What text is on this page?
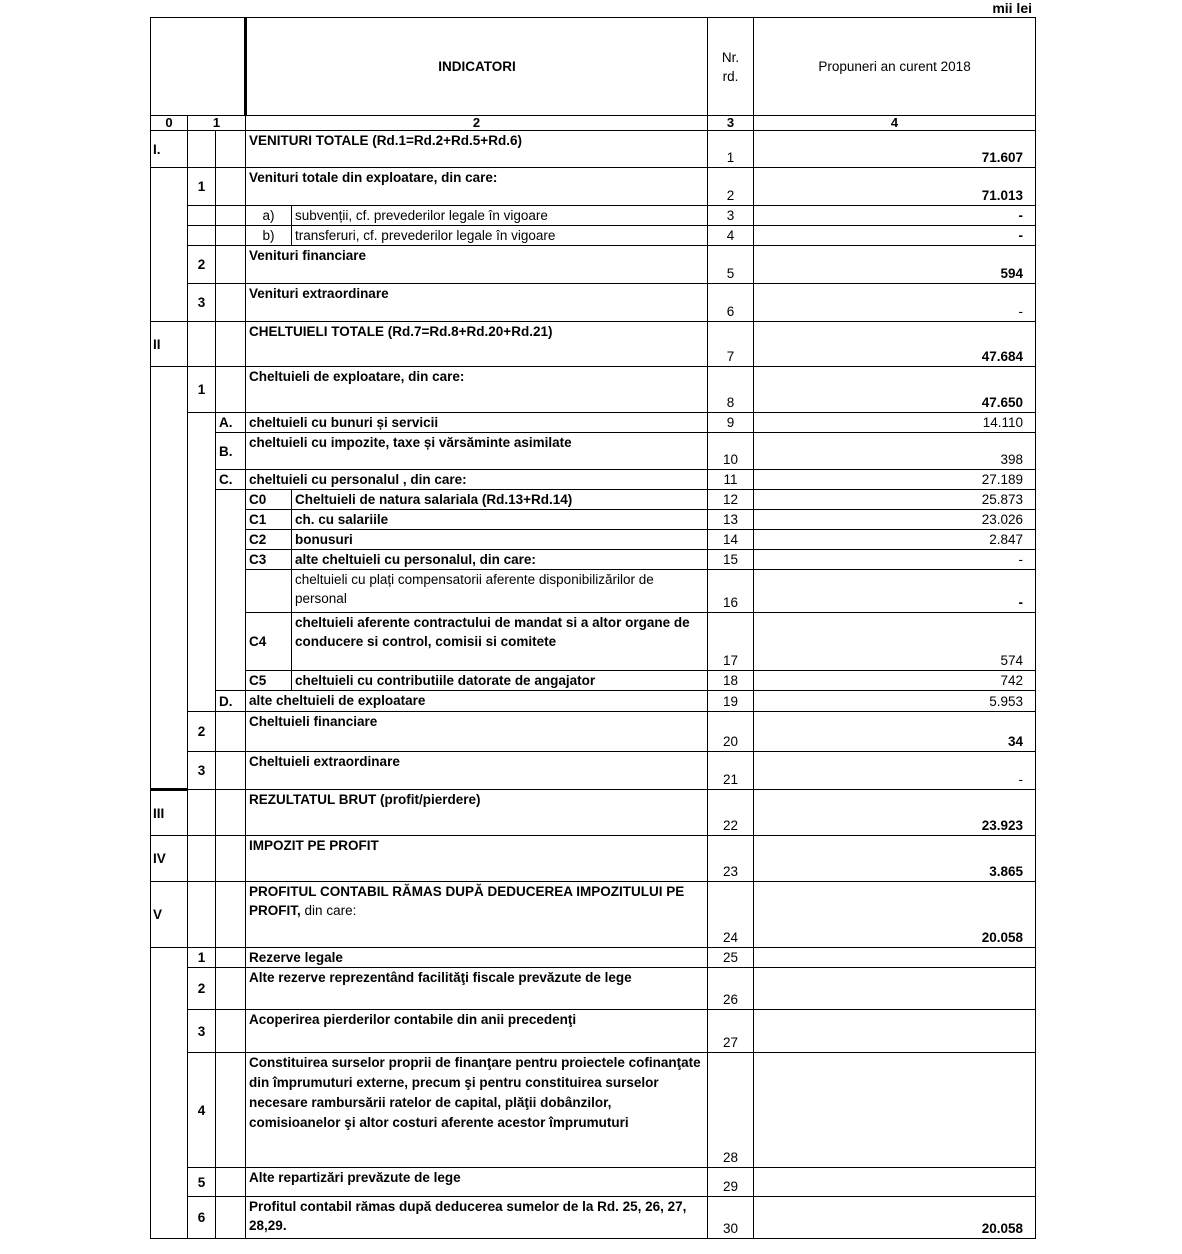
mii lei
			INDICATORI		Nr.
rd.	Propuneri an curent 2018
0	1		2		3	4
I.			VENITURI TOTALE (Rd.1=Rd.2+Rd.5+Rd.6)		1	71.607
	1		Venituri totale din exploatare, din care:		2	71.013
			a)	subvenții, cf. prevederilor legale în vigoare	3	-
			b)	transferuri, cf. prevederilor legale în vigoare	4	-
	2		Venituri financiare		5	594
	3		Venituri extraordinare		6	-
II			CHELTUIELI TOTALE (Rd.7=Rd.8+Rd.20+Rd.21)		7	47.684
	1		Cheltuieli de exploatare, din care:		8	47.650
		A.	cheltuieli cu bunuri și servicii		9	14.110
		B.	cheltuieli cu impozite, taxe și vărsăminte asimilate		10	398
		C.	cheltuieli cu personalul , din care:		11	27.189
			C0	Cheltuieli de natura salariala (Rd.13+Rd.14)	12	25.873
			C1	ch. cu salariile	13	23.026
			C2	bonusuri	14	2.847
			C3	alte cheltuieli cu personalul, din care:	15	-
				cheltuieli cu plați compensatorii aferente disponibilizărilor de personal	16	-
			C4	cheltuieli aferente contractului de mandat si a altor organe de conducere si control, comisii si comitete	17	574
			C5	cheltuieli cu contributiile datorate de angajator	18	742
		D.	alte cheltuieli de exploatare		19	5.953
	2		Cheltuieli financiare		20	34
	3		Cheltuieli extraordinare		21	-
III			REZULTATUL BRUT (profit/pierdere)		22	23.923
IV			IMPOZIT PE PROFIT		23	3.865
V			PROFITUL CONTABIL RĂMAS DUPĂ DEDUCEREA IMPOZITULUI PE PROFIT, din care:		24	20.058
	1		Rezerve legale		25	
	2		Alte rezerve reprezentând facilităţi fiscale prevăzute de lege		26	
	3		Acoperirea pierderilor contabile din anii precedenţi		27	
	4		Constituirea surselor proprii de finanţare pentru proiectele cofinanţate din împrumuturi externe, precum şi pentru constituirea surselor necesare rambursării ratelor de capital, plăţii dobânzilor, comisioanelor şi altor costuri aferente acestor împrumuturi		28	
	5		Alte repartizări prevăzute de lege		29	
	6		Profitul contabil rămas după deducerea sumelor de la Rd. 25, 26, 27, 28,29.		30	20.058
